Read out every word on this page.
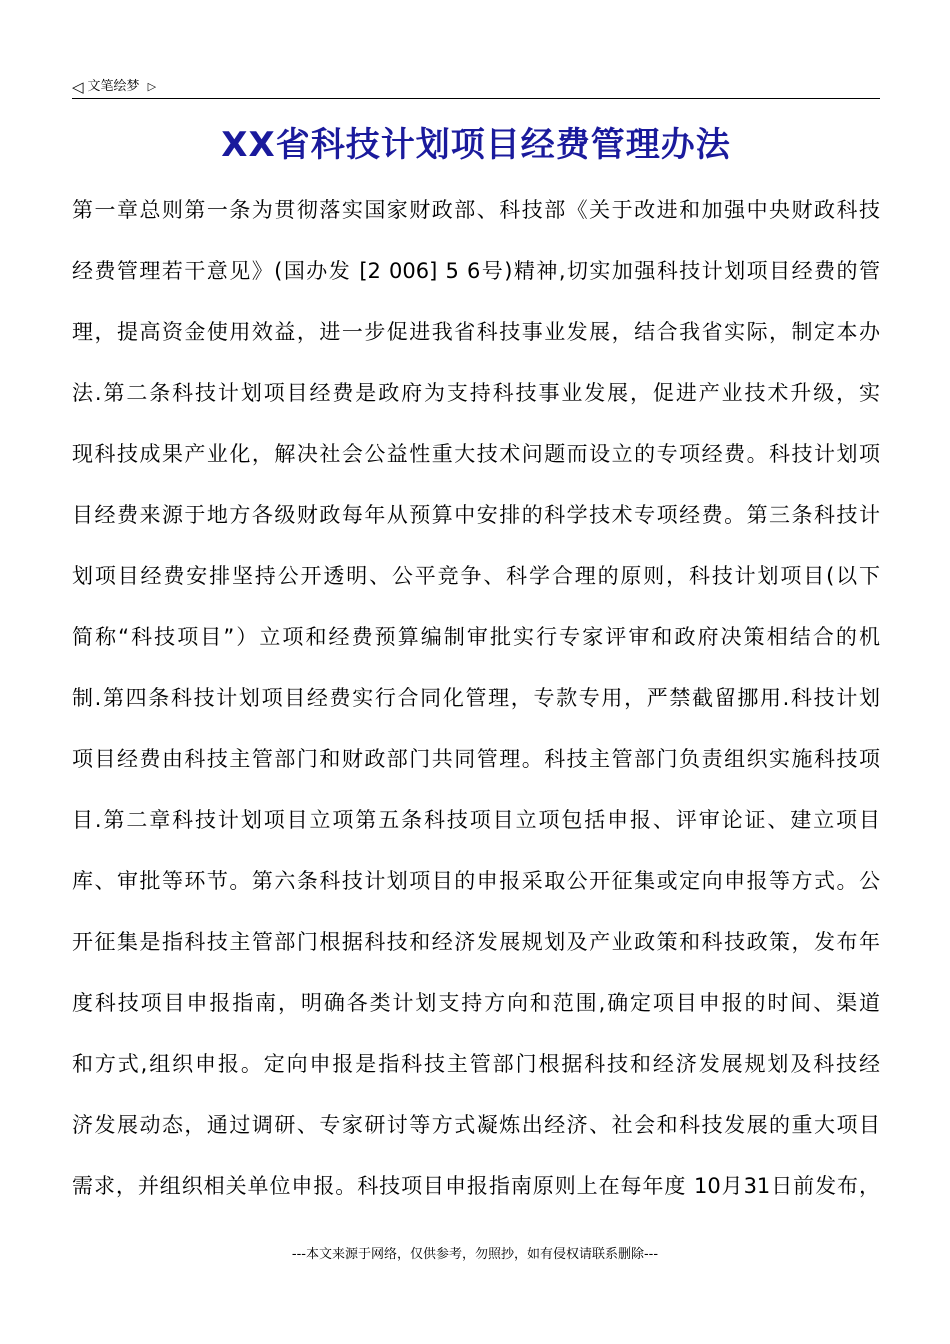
◁ 文笔绘梦 ▷
XX省科技计划项目经费管理办法
第一章总则第一条为贯彻落实国家财政部、科技部《关于改进和加强中央财政科技
经费管理若干意见》(国办发 [2 006] 5 6号)精神,切实加强科技计划项目经费的管
理，提高资金使用效益，进一步促进我省科技事业发展，结合我省实际，制定本办
法.第二条科技计划项目经费是政府为支持科技事业发展，促进产业技术升级，实
现科技成果产业化，解决社会公益性重大技术问题而设立的专项经费。科技计划项
目经费来源于地方各级财政每年从预算中安排的科学技术专项经费。第三条科技计
划项目经费安排坚持公开透明、公平竞争、科学合理的原则，科技计划项目(以下
简称“科技项目”）立项和经费预算编制审批实行专家评审和政府决策相结合的机
制.第四条科技计划项目经费实行合同化管理，专款专用，严禁截留挪用.科技计划
项目经费由科技主管部门和财政部门共同管理。科技主管部门负责组织实施科技项
目.第二章科技计划项目立项第五条科技项目立项包括申报、评审论证、建立项目
库、审批等环节。第六条科技计划项目的申报采取公开征集或定向申报等方式。公
开征集是指科技主管部门根据科技和经济发展规划及产业政策和科技政策，发布年
度科技项目申报指南，明确各类计划支持方向和范围,确定项目申报的时间、渠道
和方式,组织申报。定向申报是指科技主管部门根据科技和经济发展规划及科技经
济发展动态，通过调研、专家研讨等方式凝炼出经济、社会和科技发展的重大项目
需求，并组织相关单位申报。科技项目申报指南原则上在每年度 10月31日前发布，
---本文来源于网络，仅供参考，勿照抄，如有侵权请联系删除---
